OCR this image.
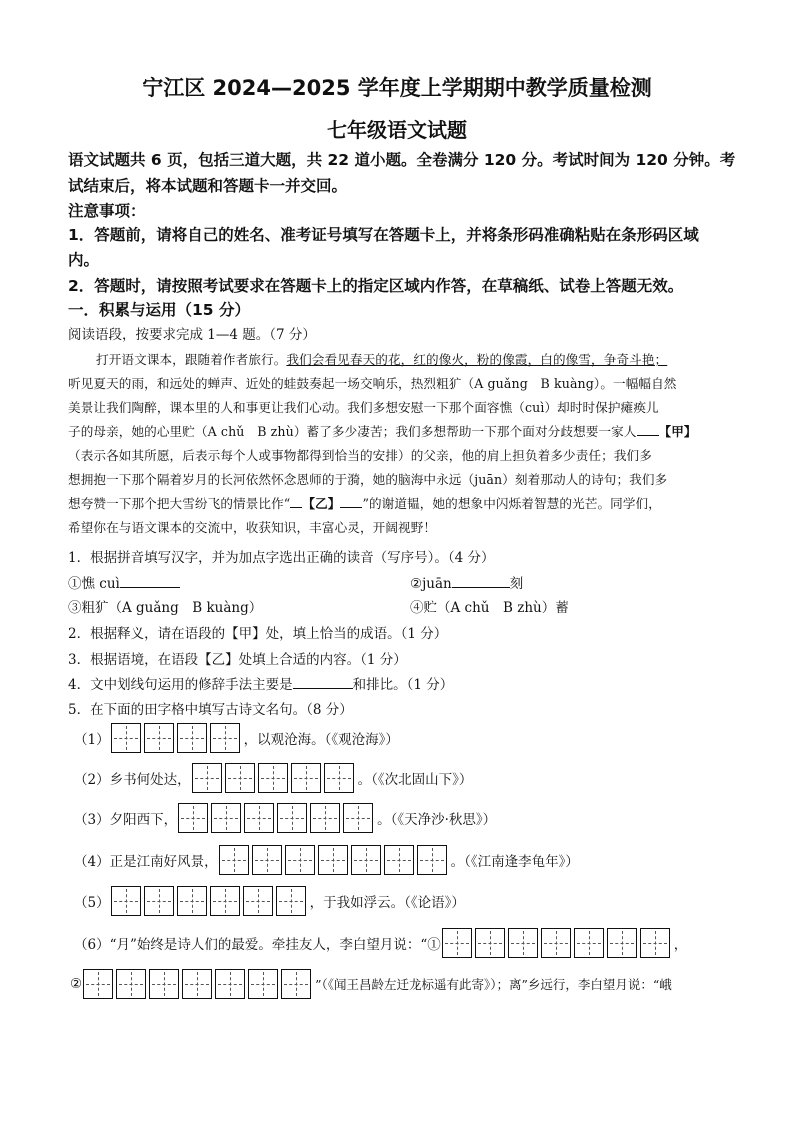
宁江区 2024—2025 学年度上学期期中教学质量检测
七年级语文试题
语文试题共 6 页，包括三道大题，共 22 道小题。全卷满分 120 分。考试时间为 120 分钟。考
试结束后，将本试题和答题卡一并交回。
注意事项：
1．答题前，请将自己的姓名、准考证号填写在答题卡上，并将条形码准确粘贴在条形码区域
内。
2．答题时，请按照考试要求在答题卡上的指定区域内作答，在草稿纸、试卷上答题无效。
一．积累与运用（15 分）
阅读语段，按要求完成 1—4 题。（7 分）
打开语文课本，跟随着作者旅行。我们会看见春天的花，红的像火，粉的像霞，白的像雪，争奇斗艳；
听见夏天的雨，和远处的蝉声、近处的蛙鼓奏起一场交响乐，热烈粗犷（A guǎng　B kuàng）。一幅幅自然
美景让我们陶醉，课本里的人和事更让我们心动。我们多想安慰一下那个面容憔（cuì）却时时保护瘫痪儿
子的母亲，她的心里贮（A chǔ　B zhù）蓄了多少凄苦；我们多想帮助一下那个面对分歧想要一家人 【甲】
（表示各如其所愿，后表示每个人或事物都得到恰当的安排）的父亲，他的肩上担负着多少责任；我们多
想拥抱一下那个隔着岁月的长河依然怀念恩师的于漪，她的脑海中永远（juān）刻着那动人的诗句；我们多
想夸赞一下那个把大雪纷飞的情景比作“ 【乙】 ”的谢道韫，她的想象中闪烁着智慧的光芒。同学们，
希望你在与语文课本的交流中，收获知识，丰富心灵，开阔视野！
1．根据拼音填写汉字，并为加点字选出正确的读音（写序号）。（4 分）
①憔 cuì	②juān	刻
③粗犷（A guǎng　B kuàng）	④贮（A chǔ　B zhù）蓄
2．根据释义，请在语段的【甲】处，填上恰当的成语。（1 分）
3．根据语境，在语段【乙】处填上合适的内容。（1 分）
4．文中划线句运用的修辞手法主要是	和排比。（1 分）
5．在下面的田字格中填写古诗文名句。（8 分）
（1）	，以观沧海。（《观沧海》）
（2）乡书何处达，	。（《次北固山下》）
（3）夕阳西下，	。（《天净沙·秋思》）
（4）正是江南好风景，	。（《江南逢李龟年》）
（5）	，于我如浮云。（《论语》）
（6）“月”始终是诗人们的最爱。牵挂友人，李白望月说：“①	，
②	”（《闻王昌龄左迁龙标遥有此寄》）；离”乡远行，李白望月说：“峨
